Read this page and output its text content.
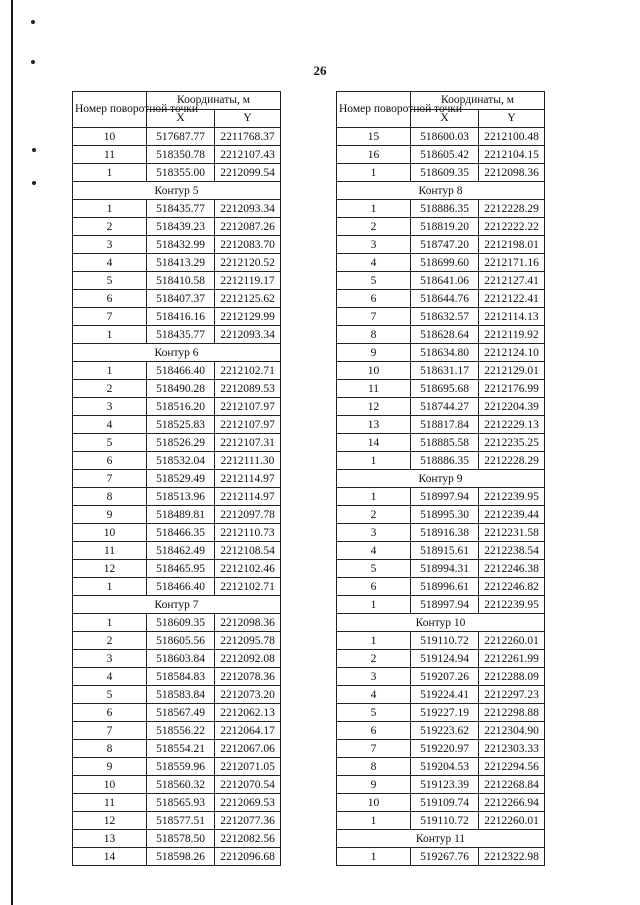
26
Номер поворотной точки	Координаты, м	
	X	Y
10	517687.77	2211768.37
11	518350.78	2212107.43
1	518355.00	2212099.54
Контур 5		
1	518435.77	2212093.34
2	518439.23	2212087.26
3	518432.99	2212083.70
4	518413.29	2212120.52
5	518410.58	2212119.17
6	518407.37	2212125.62
7	518416.16	2212129.99
1	518435.77	2212093.34
Контур 6		
1	518466.40	2212102.71
2	518490.28	2212089.53
3	518516.20	2212107.97
4	518525.83	2212107.97
5	518526.29	2212107.31
6	518532.04	2212111.30
7	518529.49	2212114.97
8	518513.96	2212114.97
9	518489.81	2212097.78
10	518466.35	2212110.73
11	518462.49	2212108.54
12	518465.95	2212102.46
1	518466.40	2212102.71
Контур 7		
1	518609.35	2212098.36
2	518605.56	2212095.78
3	518603.84	2212092.08
4	518584.83	2212078.36
5	518583.84	2212073.20
6	518567.49	2212062.13
7	518556.22	2212064.17
8	518554.21	2212067.06
9	518559.96	2212071.05
10	518560.32	2212070.54
11	518565.93	2212069.53
12	518577.51	2212077.36
13	518578.50	2212082.56
14	518598.26	2212096.68
Номер поворотной точки	Координаты, м	
	X	Y
15	518600.03	2212100.48
16	518605.42	2212104.15
1	518609.35	2212098.36
Контур 8		
1	518886.35	2212228.29
2	518819.20	2212222.22
3	518747.20	2212198.01
4	518699.60	2212171.16
5	518641.06	2212127.41
6	518644.76	2212122.41
7	518632.57	2212114.13
8	518628.64	2212119.92
9	518634.80	2212124.10
10	518631.17	2212129.01
11	518695.68	2212176.99
12	518744.27	2212204.39
13	518817.84	2212229.13
14	518885.58	2212235.25
1	518886.35	2212228.29
Контур 9		
1	518997.94	2212239.95
2	518995.30	2212239.44
3	518916.38	2212231.58
4	518915.61	2212238.54
5	518994.31	2212246.38
6	518996.61	2212246.82
1	518997.94	2212239.95
Контур 10		
1	519110.72	2212260.01
2	519124.94	2212261.99
3	519207.26	2212288.09
4	519224.41	2212297.23
5	519227.19	2212298.88
6	519223.62	2212304.90
7	519220.97	2212303.33
8	519204.53	2212294.56
9	519123.39	2212268.84
10	519109.74	2212266.94
1	519110.72	2212260.01
Контур 11		
1	519267.76	2212322.98
